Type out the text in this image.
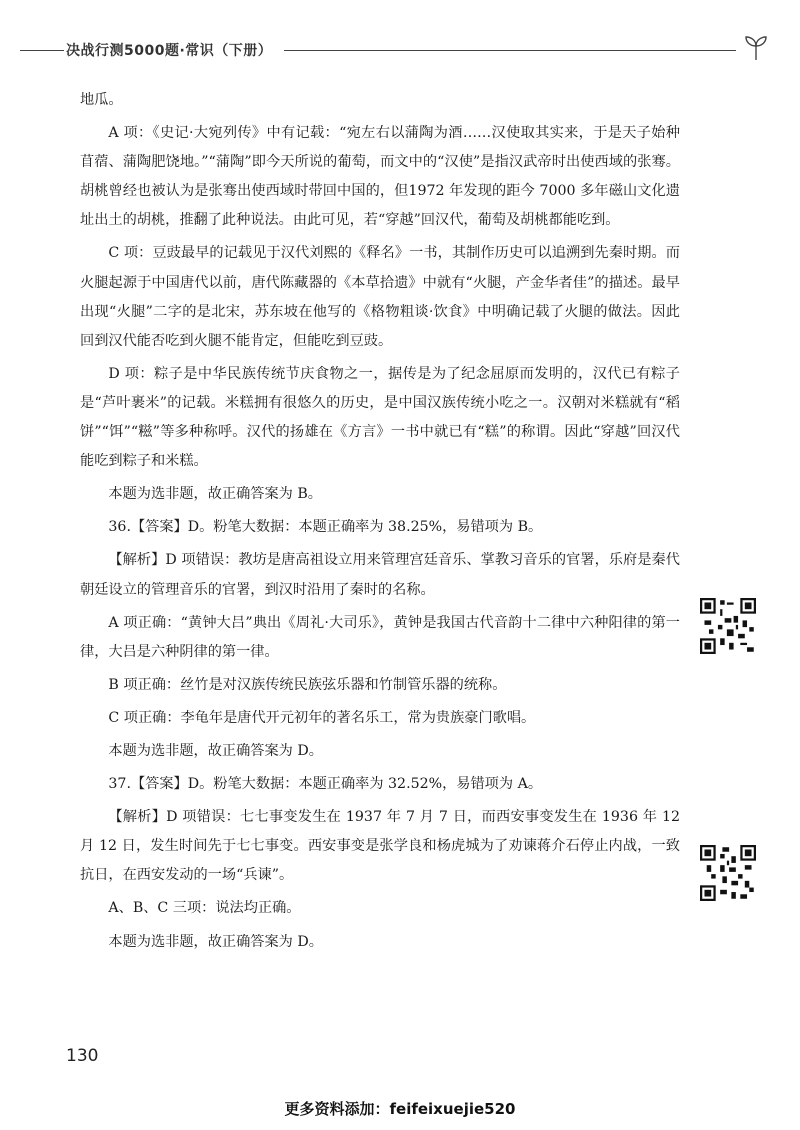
决战行测5000题·常识（下册）

地瓜。

A 项：《史记·大宛列传》中有记载：“宛左右以蒲陶为酒……汉使取其实来，于是天子始种苜蓿、蒲陶肥饶地。”“蒲陶”即今天所说的葡萄，而文中的“汉使”是指汉武帝时出使西域的张骞。胡桃曾经也被认为是张骞出使西域时带回中国的，但1972 年发现的距今 7000 多年磁山文化遗址出土的胡桃，推翻了此种说法。由此可见，若“穿越”回汉代，葡萄及胡桃都能吃到。

C 项：豆豉最早的记载见于汉代刘熙的《释名》一书，其制作历史可以追溯到先秦时期。而火腿起源于中国唐代以前，唐代陈藏器的《本草拾遗》中就有“火腿，产金华者佳”的描述。最早出现“火腿”二字的是北宋，苏东坡在他写的《格物粗谈·饮食》中明确记载了火腿的做法。因此回到汉代能否吃到火腿不能肯定，但能吃到豆豉。

D 项：粽子是中华民族传统节庆食物之一，据传是为了纪念屈原而发明的，汉代已有粽子是“芦叶裹米”的记载。米糕拥有很悠久的历史，是中国汉族传统小吃之一。汉朝对米糕就有“稻饼”“饵”“糍”等多种称呼。汉代的扬雄在《方言》一书中就已有“糕”的称谓。因此“穿越”回汉代能吃到粽子和米糕。

本题为选非题，故正确答案为 B。

36.【答案】D。粉笔大数据：本题正确率为 38.25%，易错项为 B。

【解析】D 项错误：教坊是唐高祖设立用来管理宫廷音乐、掌教习音乐的官署，乐府是秦代朝廷设立的管理音乐的官署，到汉时沿用了秦时的名称。

A 项正确：“黄钟大吕”典出《周礼·大司乐》，黄钟是我国古代音韵十二律中六种阳律的第一律，大吕是六种阴律的第一律。

B 项正确：丝竹是对汉族传统民族弦乐器和竹制管乐器的统称。

C 项正确：李龟年是唐代开元初年的著名乐工，常为贵族豪门歌唱。

本题为选非题，故正确答案为 D。

37.【答案】D。粉笔大数据：本题正确率为 32.52%，易错项为 A。

【解析】D 项错误：七七事变发生在 1937 年 7 月 7 日，而西安事变发生在 1936 年 12 月 12 日，发生时间先于七七事变。西安事变是张学良和杨虎城为了劝谏蒋介石停止内战，一致抗日，在西安发动的一场“兵谏”。

A、B、C 三项：说法均正确。

本题为选非题，故正确答案为 D。

130
更多资料添加：feifeixuejie520
